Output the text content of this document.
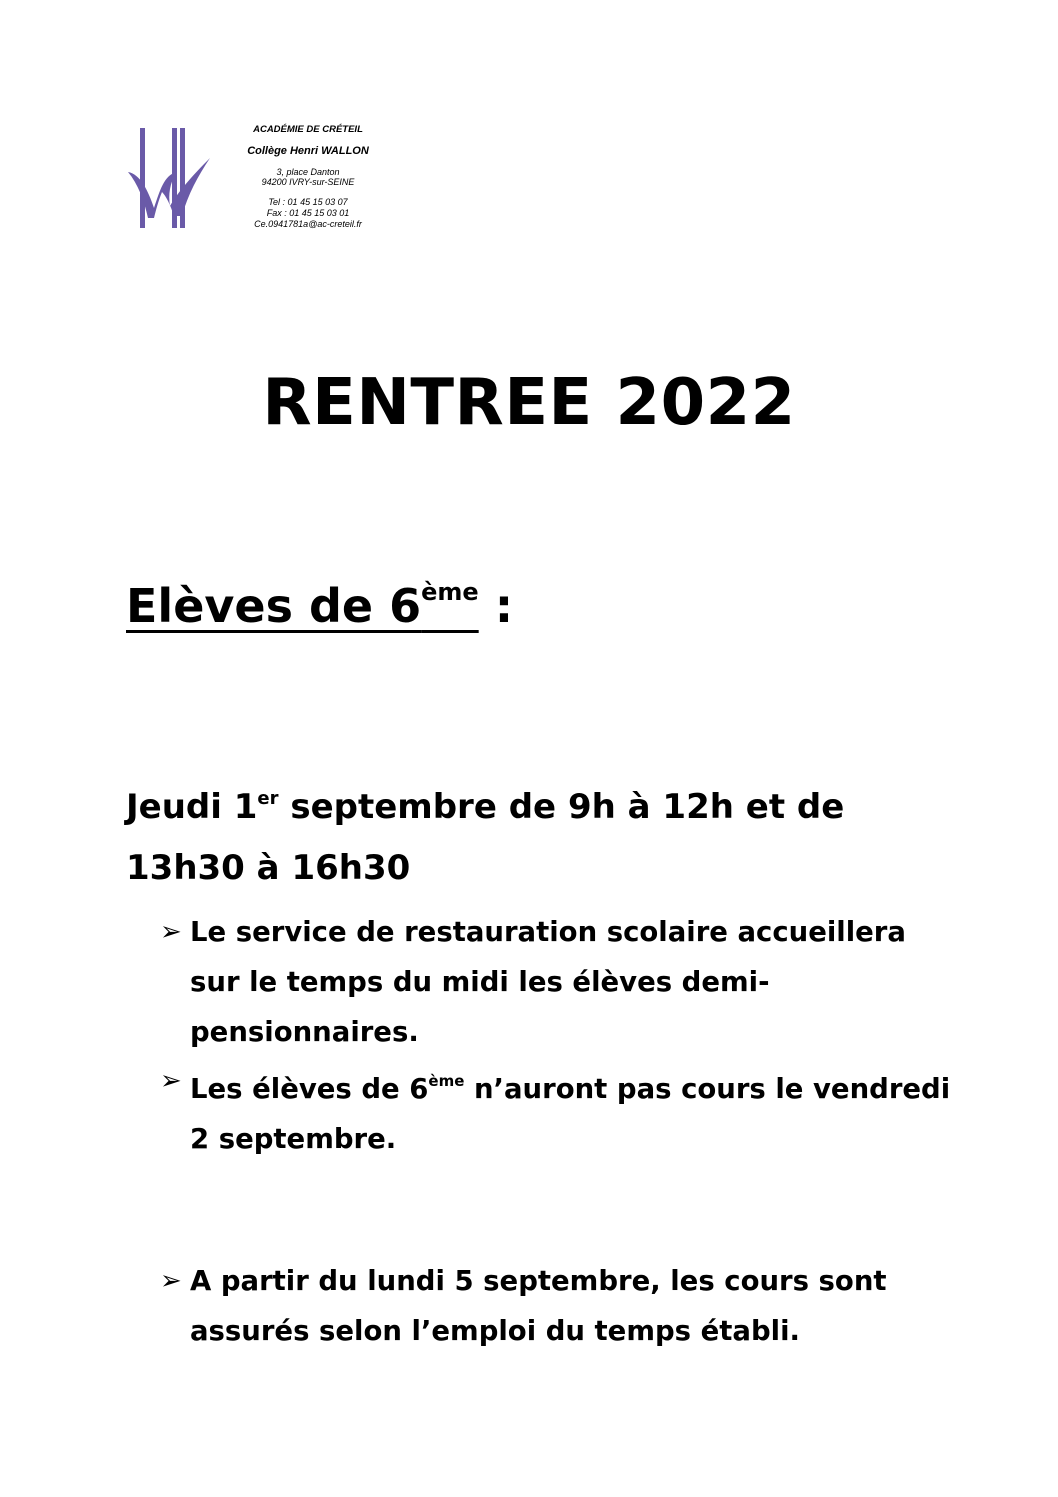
ACADÉMIE DE CRÉTEIL
Collège Henri WALLON
3, place Danton
94200 IVRY-sur-SEINE
Tel : 01 45 15 03 07
Fax : 01 45 15 03 01
Ce.0941781a@ac-creteil.fr
RENTREE 2022
Elèves de 6ème :

Jeudi 1er septembre de 9h à 12h et de 13h30 à 16h30

➢ Le service de restauration scolaire accueillera sur le temps du midi les élèves demi-pensionnaires.
➢ Les élèves de 6ème n’auront pas cours le vendredi 2 septembre.
➢ A partir du lundi 5 septembre, les cours sont assurés selon l’emploi du temps établi.
